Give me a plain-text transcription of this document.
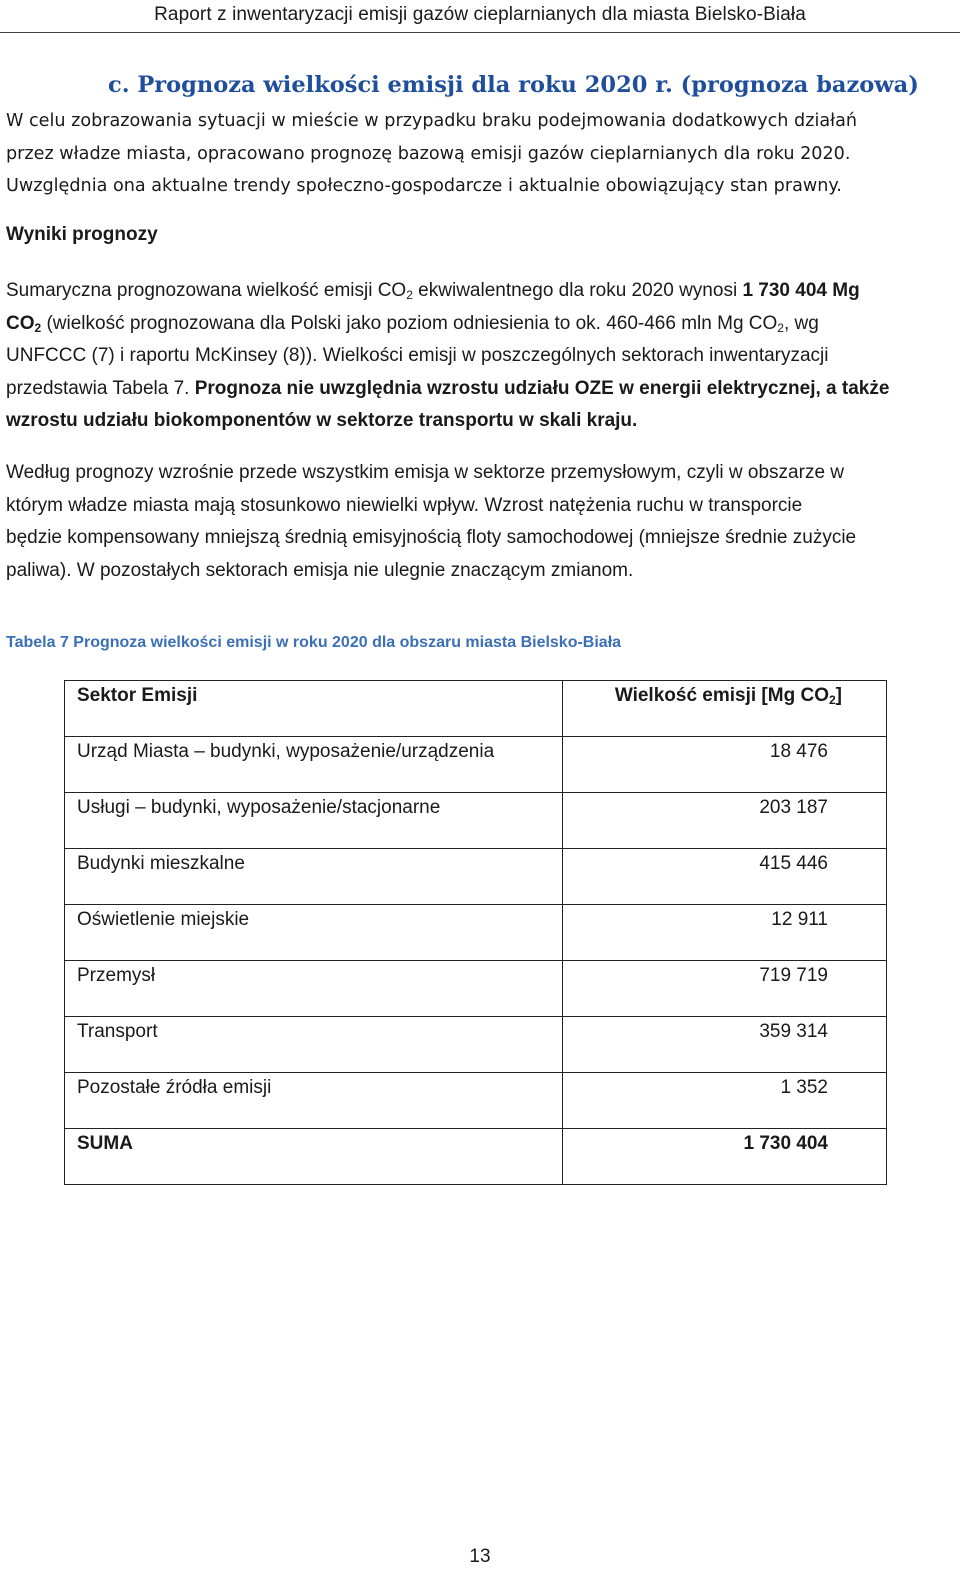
Raport z inwentaryzacji emisji gazów cieplarnianych dla miasta Bielsko-Biała
c. Prognoza wielkości emisji dla roku 2020 r. (prognoza bazowa)
W celu zobrazowania sytuacji w mieście w przypadku braku podejmowania dodatkowych działań
przez władze miasta, opracowano prognozę bazową emisji gazów cieplarnianych dla roku 2020.
Uwzględnia ona aktualne trendy społeczno-gospodarcze i aktualnie obowiązujący stan prawny.
Wyniki prognozy
Sumaryczna prognozowana wielkość emisji $CO_2$ ekwiwalentnego dla roku 2020 wynosi 1 730 404 Mg
$CO_2$ (wielkość prognozowana dla Polski jako poziom odniesienia to ok. 460-466 mln Mg $CO_2$, wg
UNFCCC (7) i raportu McKinsey (8)). Wielkości emisji w poszczególnych sektorach inwentaryzacji
przedstawia Tabela 7. Prognoza nie uwzględnia wzrostu udziału OZE w energii elektrycznej, a także
wzrostu udziału biokomponentów w sektorze transportu w skali kraju.
Według prognozy wzrośnie przede wszystkim emisja w sektorze przemysłowym, czyli w obszarze w
którym władze miasta mają stosunkowo niewielki wpływ. Wzrost natężenia ruchu w transporcie
będzie kompensowany mniejszą średnią emisyjnością floty samochodowej (mniejsze średnie zużycie
paliwa). W pozostałych sektorach emisja nie ulegnie znaczącym zmianom.
Tabela 7 Prognoza wielkości emisji w roku 2020 dla obszaru miasta Bielsko-Biała
Sektor Emisji	Wielkość emisji [Mg $CO_2$]
Urząd Miasta – budynki, wyposażenie/urządzenia	18 476
Usługi – budynki, wyposażenie/stacjonarne	203 187
Budynki mieszkalne	415 446
Oświetlenie miejskie	12 911
Przemysł	719 719
Transport	359 314
Pozostałe źródła emisji	1 352
SUMA	1 730 404
13
